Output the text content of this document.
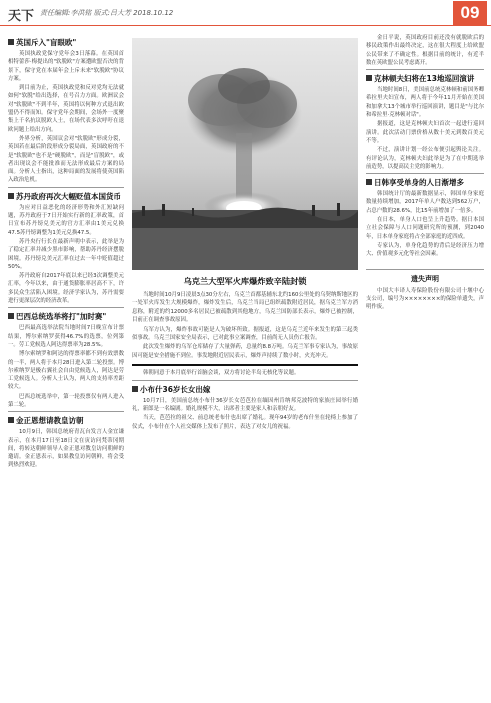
天下 责任编辑:李洪铭 版式:吕大芳 2018.10.12	09
英国斥入"盲眼欧"

英国执政党保守党年会3日落幕。在英国首相特蕾莎·梅提出的"软脱欧"方案遭欧盟否决的背景下，保守党在本届年会上斥未来"软脱欧"协议方案。

到目前为止，英国执政党和反对党均无法就如何"软脱"给出选择，在号召力方面。欧洲议会对"软脱欧"不到半年，英国将以何种方式退出欧盟仍不得而知。保守党年会期间，会场外一度聚集上千名抗议脱欧人士，在场代表多次呼吁在退欧问题上给出方向。

外界分析，英国议会对"软脱欧"形成分裂，英国若在最后阶段形成分裂局面，英国政府的不是"软脱欧"也不是"硬脱欧"，而是"盲脱欧"，或者出现议会不能批准而无法形成最后方案的局面。分析人士指出，这种局面的发展将使英国陷入政治危机。

苏丹政府再次大幅贬值本国货币

为应对日益恶化的经济形势和外汇短缺问题，苏丹政府于7日开始实行新的汇率政策，首日宣布苏丹镑兑美元的官方汇率由1美元兑换47.5苏丹镑调整为1美元兑换47.5。

苏丹央行行长在最新声明中表示，此举是为了稳定汇率并减少黑市影响，帮助苏丹经济摆脱困境。苏丹镑兑美元汇率在过去一年中贬值超过50%。

苏丹政府自2017年底以来已经3次调整美元汇率，今年以来，由于通货膨胀率居高不下，许多民众生活陷入困境。经济学家认为，苏丹需要进行更深层次的经济改革。

巴西总统选举将打"加时赛"

巴西最高选举法院当地时间7日晚宣布计票结果，博尔索纳罗获得46.7%的选票，位列第一。劳工党候选人阿达得票率为28.5%。

博尔索纳罗和阿达的得票率都不到有效票数的一半，两人将于本月28日进入第二轮投票。博尔索纳罗是极右翼社会自由党候选人，阿达是劳工党候选人。分析人士认为，两人的支持率差距较大。

巴西总统选举中，第一轮投票仅有两人进入第二轮。

金正恩想请教皇访朝

10月9日，韩国总统府青瓦台发言人金宜谦表示，在本月17日至18日文在寅访问梵蒂冈期间，将转达朝鲜领导人金正恩对教皇访问朝鲜的邀请。金正恩表示，如果教皇访问朝鲜，将会受到热烈欢迎。

乌克兰大型军火库爆炸致辛陆封锁

当地时间10月9日凌晨3点30分左右，乌克兰首都基辅东北约160公里处的乌契纳斯地区的一处军火库发生大规模爆炸，爆炸发生后，乌克兰当局已组织疏散附近居民，据乌克兰军方消息称，附近的约12000多名居民已被疏散到其他地方，乌克兰国防部长表示，爆炸已被控制，目前正在调查事故原因。

乌军方认为，爆炸事故可能是人为破坏所致。据报道，这是乌克兰近年来发生的第三起类似事故。乌克兰国家安全局表示，已对此事立案调查，目前尚无人员伤亡报告。

此次发生爆炸的乌军仓库储存了大量弹药，总量约8.8万吨。乌克兰军事专家认为，事故原因可能是安全措施不到位。事发地附近居民表示，爆炸声持续了数小时，火光冲天。

韩朝同意于本月底举行首脑会谈，双方将讨论半岛无核化等议题。

小布什36岁长女出嫁

10月7日，美国前总统小布什36岁长女芭芭拉在缅因州肯纳邦克波特的家族庄园举行婚礼，新郎是一名编剧。婚礼规模不大，出席者主要是家人和亲朋好友。

当天，芭芭拉的祖父、前总统老布什也出席了婚礼。现年94岁的老布什坐在轮椅上参加了仪式，小布什在个人社交媒体上发布了照片，表达了对女儿的祝福。

金日平说，英国政府目前还没有就脱欧后的移民政策作出最终决定，这在很大程度上给欧盟公民带来了不确定性。根据目前的统计，有近半数在英欧盟公民考虑离开。

克林顿夫妇将在13地巡回演讲

当地时间8日，美国前总统克林顿和前国务卿希拉里夫妇宣布，两人将于今年11月开始在美国和加拿大13个城市举行巡回演讲，题目是"与比尔和希拉里·克林顿对话"。

据报道，这是克林顿夫妇首次一起进行巡回演讲。此次活动门票价格从数十美元到数百美元不等。

不过，演讲计划一经公布便引起舆论关注。有评论认为，克林顿夫妇此举是为了在中期选举前造势，以提高民主党的影响力。

日韩享受单身的人日渐增多

韩国统计厅的最新数据显示，韩国单身家庭数量持续增加，2017年单人户数达到562万户，占总户数的28.6%，比15年前增加了一倍多。

在日本，单身人口也呈上升趋势。据日本国立社会保障与人口问题研究所的预测，到2040年，日本单身家庭将占全部家庭的近四成。

专家认为，单身化趋势的背后是经济压力增大、价值观多元化等社会因素。

遗失声明

中国大丰译人寿保险股份有限公司十堰中心支公司，编号为××××××××的保险单遗失，声明作废。
